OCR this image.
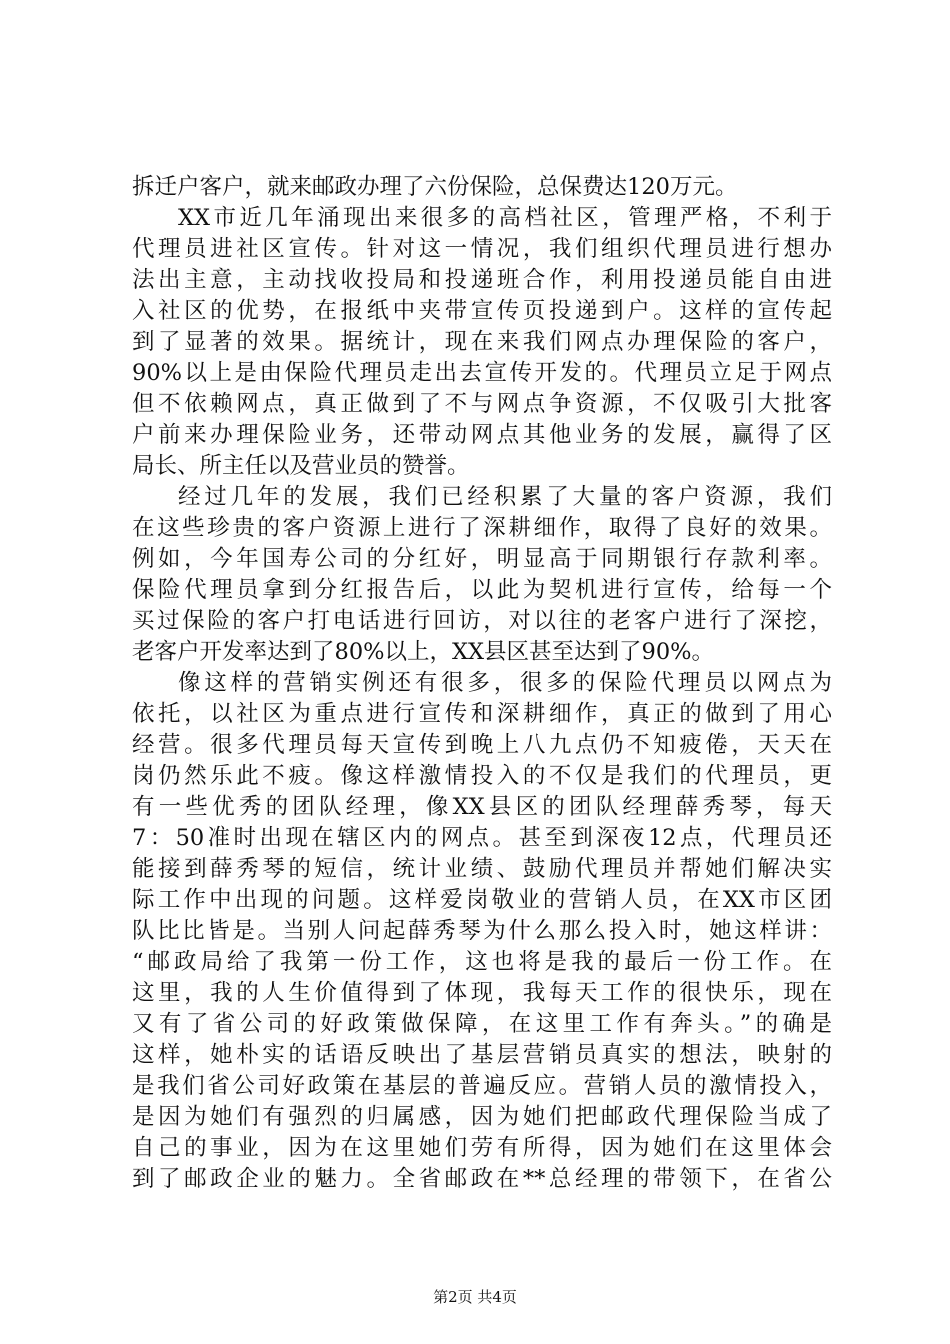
拆迁户客户，就来邮政办理了六份保险，总保费达120万元。
XX市近几年涌现出来很多的高档社区，管理严格，不利于
代理员进社区宣传。针对这一情况，我们组织代理员进行想办
法出主意，主动找收投局和投递班合作，利用投递员能自由进
入社区的优势，在报纸中夹带宣传页投递到户。这样的宣传起
到了显著的效果。据统计，现在来我们网点办理保险的客户，
90%以上是由保险代理员走出去宣传开发的。代理员立足于网点
但不依赖网点，真正做到了不与网点争资源，不仅吸引大批客
户前来办理保险业务，还带动网点其他业务的发展，赢得了区
局长、所主任以及营业员的赞誉。
经过几年的发展，我们已经积累了大量的客户资源，我们
在这些珍贵的客户资源上进行了深耕细作，取得了良好的效果。
例如，今年国寿公司的分红好，明显高于同期银行存款利率。
保险代理员拿到分红报告后，以此为契机进行宣传，给每一个
买过保险的客户打电话进行回访，对以往的老客户进行了深挖，
老客户开发率达到了80%以上，XX县区甚至达到了90%。
像这样的营销实例还有很多，很多的保险代理员以网点为
依托，以社区为重点进行宣传和深耕细作，真正的做到了用心
经营。很多代理员每天宣传到晚上八九点仍不知疲倦，天天在
岗仍然乐此不疲。像这样激情投入的不仅是我们的代理员，更
有一些优秀的团队经理，像XX县区的团队经理薛秀琴，每天
7：50准时出现在辖区内的网点。甚至到深夜12点，代理员还
能接到薛秀琴的短信，统计业绩、鼓励代理员并帮她们解决实
际工作中出现的问题。这样爱岗敬业的营销人员，在XX市区团
队比比皆是。当别人问起薛秀琴为什么那么投入时，她这样讲：
“邮政局给了我第一份工作，这也将是我的最后一份工作。在
这里，我的人生价值得到了体现，我每天工作的很快乐，现在
又有了省公司的好政策做保障，在这里工作有奔头。”的确是
这样，她朴实的话语反映出了基层营销员真实的想法，映射的
是我们省公司好政策在基层的普遍反应。营销人员的激情投入，
是因为她们有强烈的归属感，因为她们把邮政代理保险当成了
自己的事业，因为在这里她们劳有所得，因为她们在这里体会
到了邮政企业的魅力。全省邮政在**总经理的带领下，在省公
第2页 共4页
